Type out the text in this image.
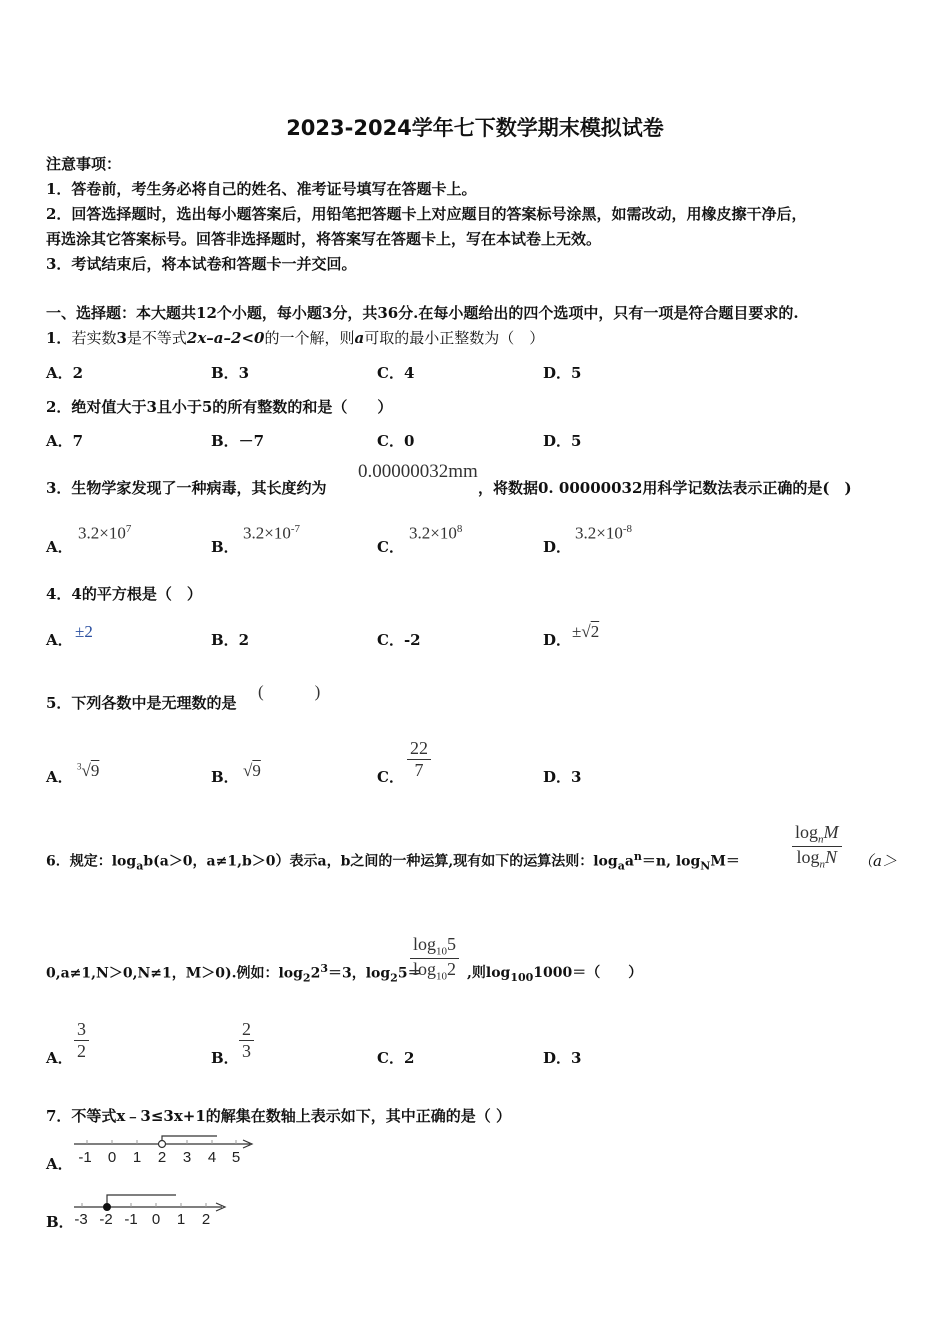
2023-2024学年七下数学期末模拟试卷
注意事项：
1．答卷前，考生务必将自己的姓名、准考证号填写在答题卡上。
2．回答选择题时，选出每小题答案后，用铅笔把答题卡上对应题目的答案标号涂黑，如需改动，用橡皮擦干净后，
再选涂其它答案标号。回答非选择题时，将答案写在答题卡上，写在本试卷上无效。
3．考试结束后，将本试卷和答题卡一并交回。
一、选择题：本大题共12个小题，每小题3分，共36分.在每小题给出的四个选项中，只有一项是符合题目要求的.
1．若实数3是不等式2x–a–2<0的一个解，则a可取的最小正整数为（　）
A．2	B．3	C．4	D．5
2．绝对值大于3且小于5的所有整数的和是（　　）
A．7	B．－7	C．0	D．5
3．生物学家发现了一种病毒，其长度约为
0.00000032mm
，将数据0. 00000032用科学记数法表示正确的是(　)
A．
$3.2\times 10^7$
B．
$3.2\times 10^{-7}$
C．
$3.2\times 10^8$
D．
$3.2\times 10^{-8}$
4．4的平方根是（　）
A． ±2	B．2	C．-2	D． ±√2
5．下列各数中是无理数的是
(　　　)
A．
$^3$√9	B． √9	C． $\frac{22}{7}$	D．3
6．规定：$\log_ab(a>0$，a≠1,b＞0）表示a，b之间的一种运算,现有如下的运算法则：$\log_aa^n=n$, $\log_NM=$	$\frac{\log_nM}{\log_nN} (a>$
0,a≠1,N＞0,N≠1，M＞0).例如：$\log_22^3=3$，$\log_25=$
$\frac{\log_{10}5}{\log_{10}2}$ ,则$\log_{100}1000=$（　　）
A． $\frac{3}{2}$	B． $\frac{2}{3}$	C．2	D．3
7．不等式x﹣3≤3x+1的解集在数轴上表示如下，其中正确的是（ ）
A． -1 0 1 2 3 4 5
B． -3 -2 -1 0 1 2
